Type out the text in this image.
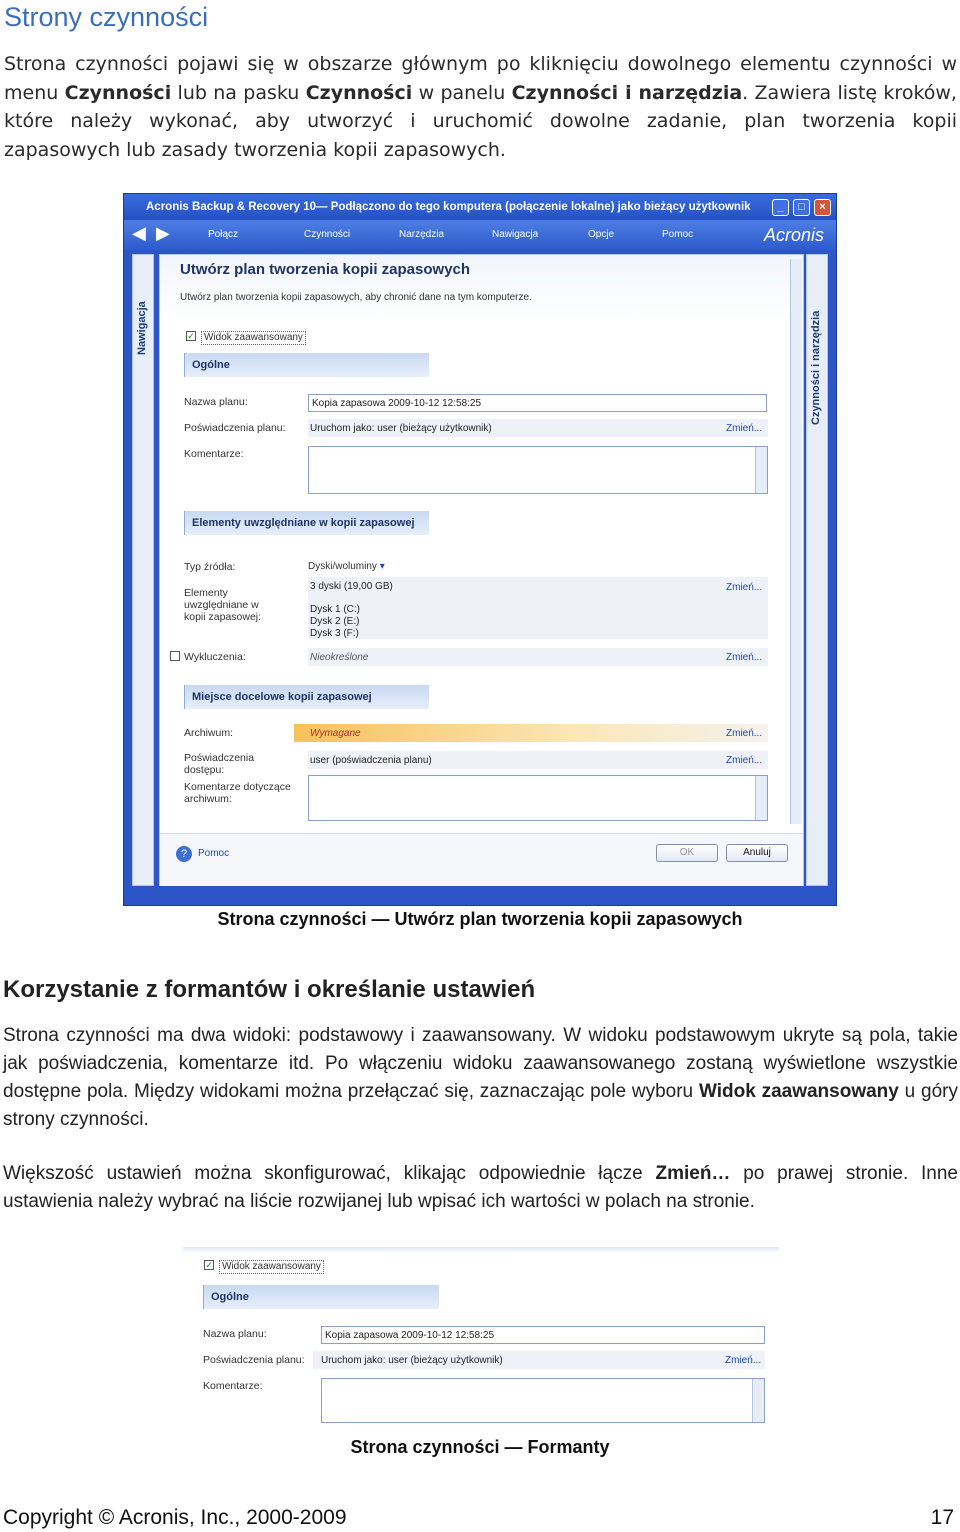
Strony czynności
Strona czynności pojawi się w obszarze głównym po kliknięciu dowolnego elementu czynności w menu Czynności lub na pasku Czynności w panelu Czynności i narzędzia. Zawiera listę kroków, które należy wykonać, aby utworzyć i uruchomić dowolne zadanie, plan tworzenia kopii zapasowych lub zasady tworzenia kopii zapasowych.
Acronis Backup & Recovery 10— Podłączono do tego komputera (połączenie lokalne) jako bieżący użytkownik	_	□	×
◀ ▶	Połącz	Czynności	Narzędzia	Nawigacja	Opcje	Pomoc	Acronis
Nawigacja	Czynności i narzędzia
Utwórz plan tworzenia kopii zapasowych
Utwórz plan tworzenia kopii zapasowych, aby chronić dane na tym komputerze.
✓ Widok zaawansowany
Ogólne
Nazwa planu:	Kopia zapasowa 2009-10-12 12:58:25
Poświadczenia planu: Uruchom jako: user (bieżący użytkownik)	Zmień...
Komentarze:
Elementy uwzględniane w kopii zapasowej
Typ źródła:	Dyski/woluminy ▾
Elementy uwzględniane w kopii zapasowej:
3 dyski (19,00 GB)
Dysk 1 (C:)
Dysk 2 (E:)
Dysk 3 (F:)
Zmień...
Wykluczenia:	Nieokreślone	Zmień...
Miejsce docelowe kopii zapasowej
Archiwum:	Wymagane	Zmień...
Poświadczenia dostępu:
user (poświadczenia planu)	Zmień...
Komentarze dotyczące archiwum:
?	Pomoc	OK	Anuluj
Strona czynności — Utwórz plan tworzenia kopii zapasowych
Korzystanie z formantów i określanie ustawień
Strona czynności ma dwa widoki: podstawowy i zaawansowany. W widoku podstawowym ukryte są pola, takie jak poświadczenia, komentarze itd. Po włączeniu widoku zaawansowanego zostaną wyświetlone wszystkie dostępne pola. Między widokami można przełączać się, zaznaczając pole wyboru Widok zaawansowany u góry strony czynności.
Większość ustawień można skonfigurować, klikając odpowiednie łącze Zmień… po prawej stronie. Inne ustawienia należy wybrać na liście rozwijanej lub wpisać ich wartości w polach na stronie.
✓ Widok zaawansowany
Ogólne
Nazwa planu:	Kopia zapasowa 2009-10-12 12:58:25
Poświadczenia planu: Uruchom jako: user (bieżący użytkownik)	Zmień...
Komentarze:
Strona czynności — Formanty
Copyright © Acronis, Inc., 2000-2009	17
